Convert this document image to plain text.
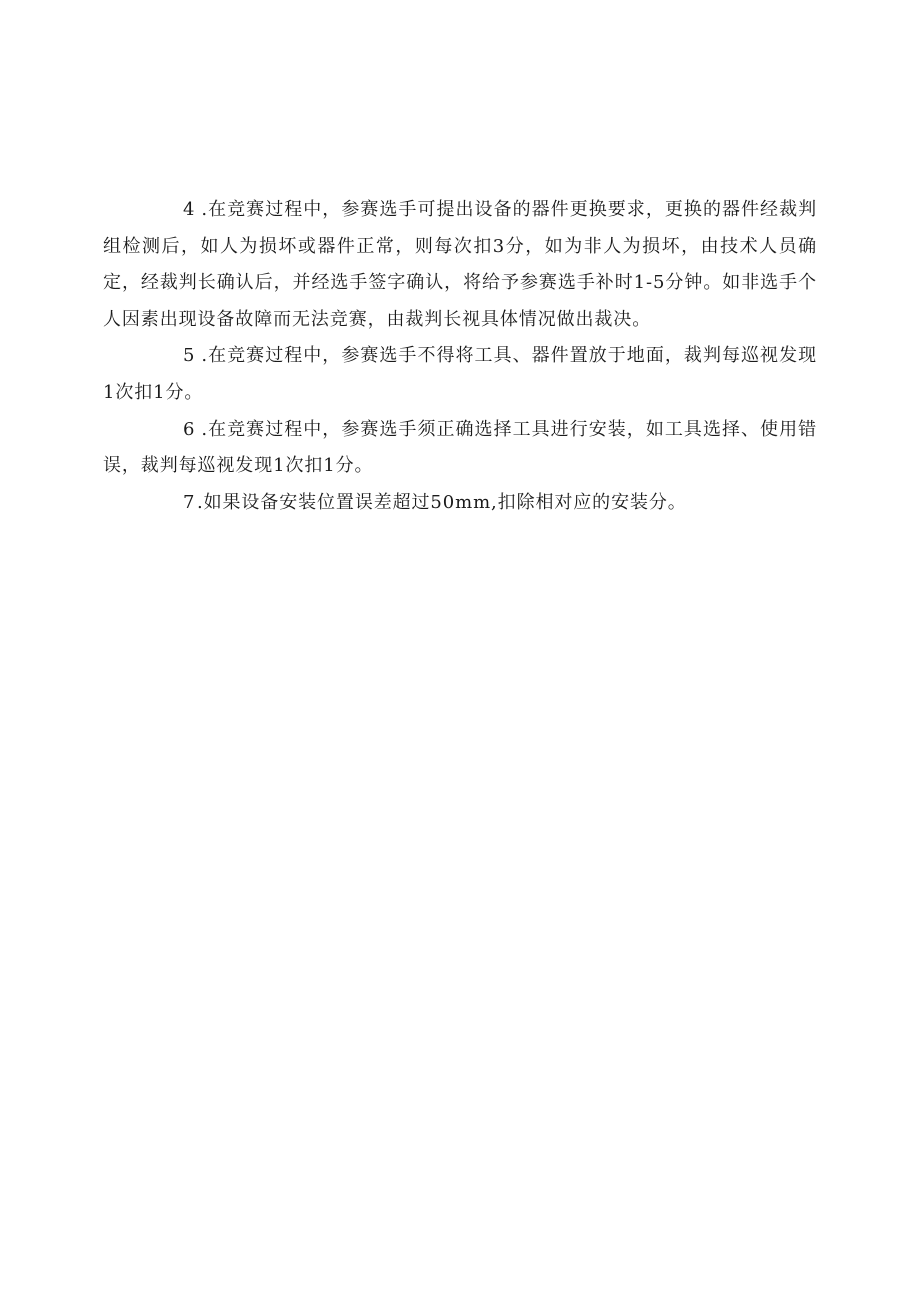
4 .在竞赛过程中，参赛选手可提出设备的器件更换要求，更换的器件经裁判组检测后，如人为损坏或器件正常，则每次扣3分，如为非人为损坏，由技术人员确定，经裁判长确认后，并经选手签字确认，将给予参赛选手补时1-5分钟。如非选手个人因素出现设备故障而无法竞赛，由裁判长视具体情况做出裁决。

5 .在竞赛过程中，参赛选手不得将工具、器件置放于地面，裁判每巡视发现1次扣1分。

6 .在竞赛过程中，参赛选手须正确选择工具进行安装，如工具选择、使用错误，裁判每巡视发现1次扣1分。

7.如果设备安装位置误差超过50mm,扣除相对应的安装分。
